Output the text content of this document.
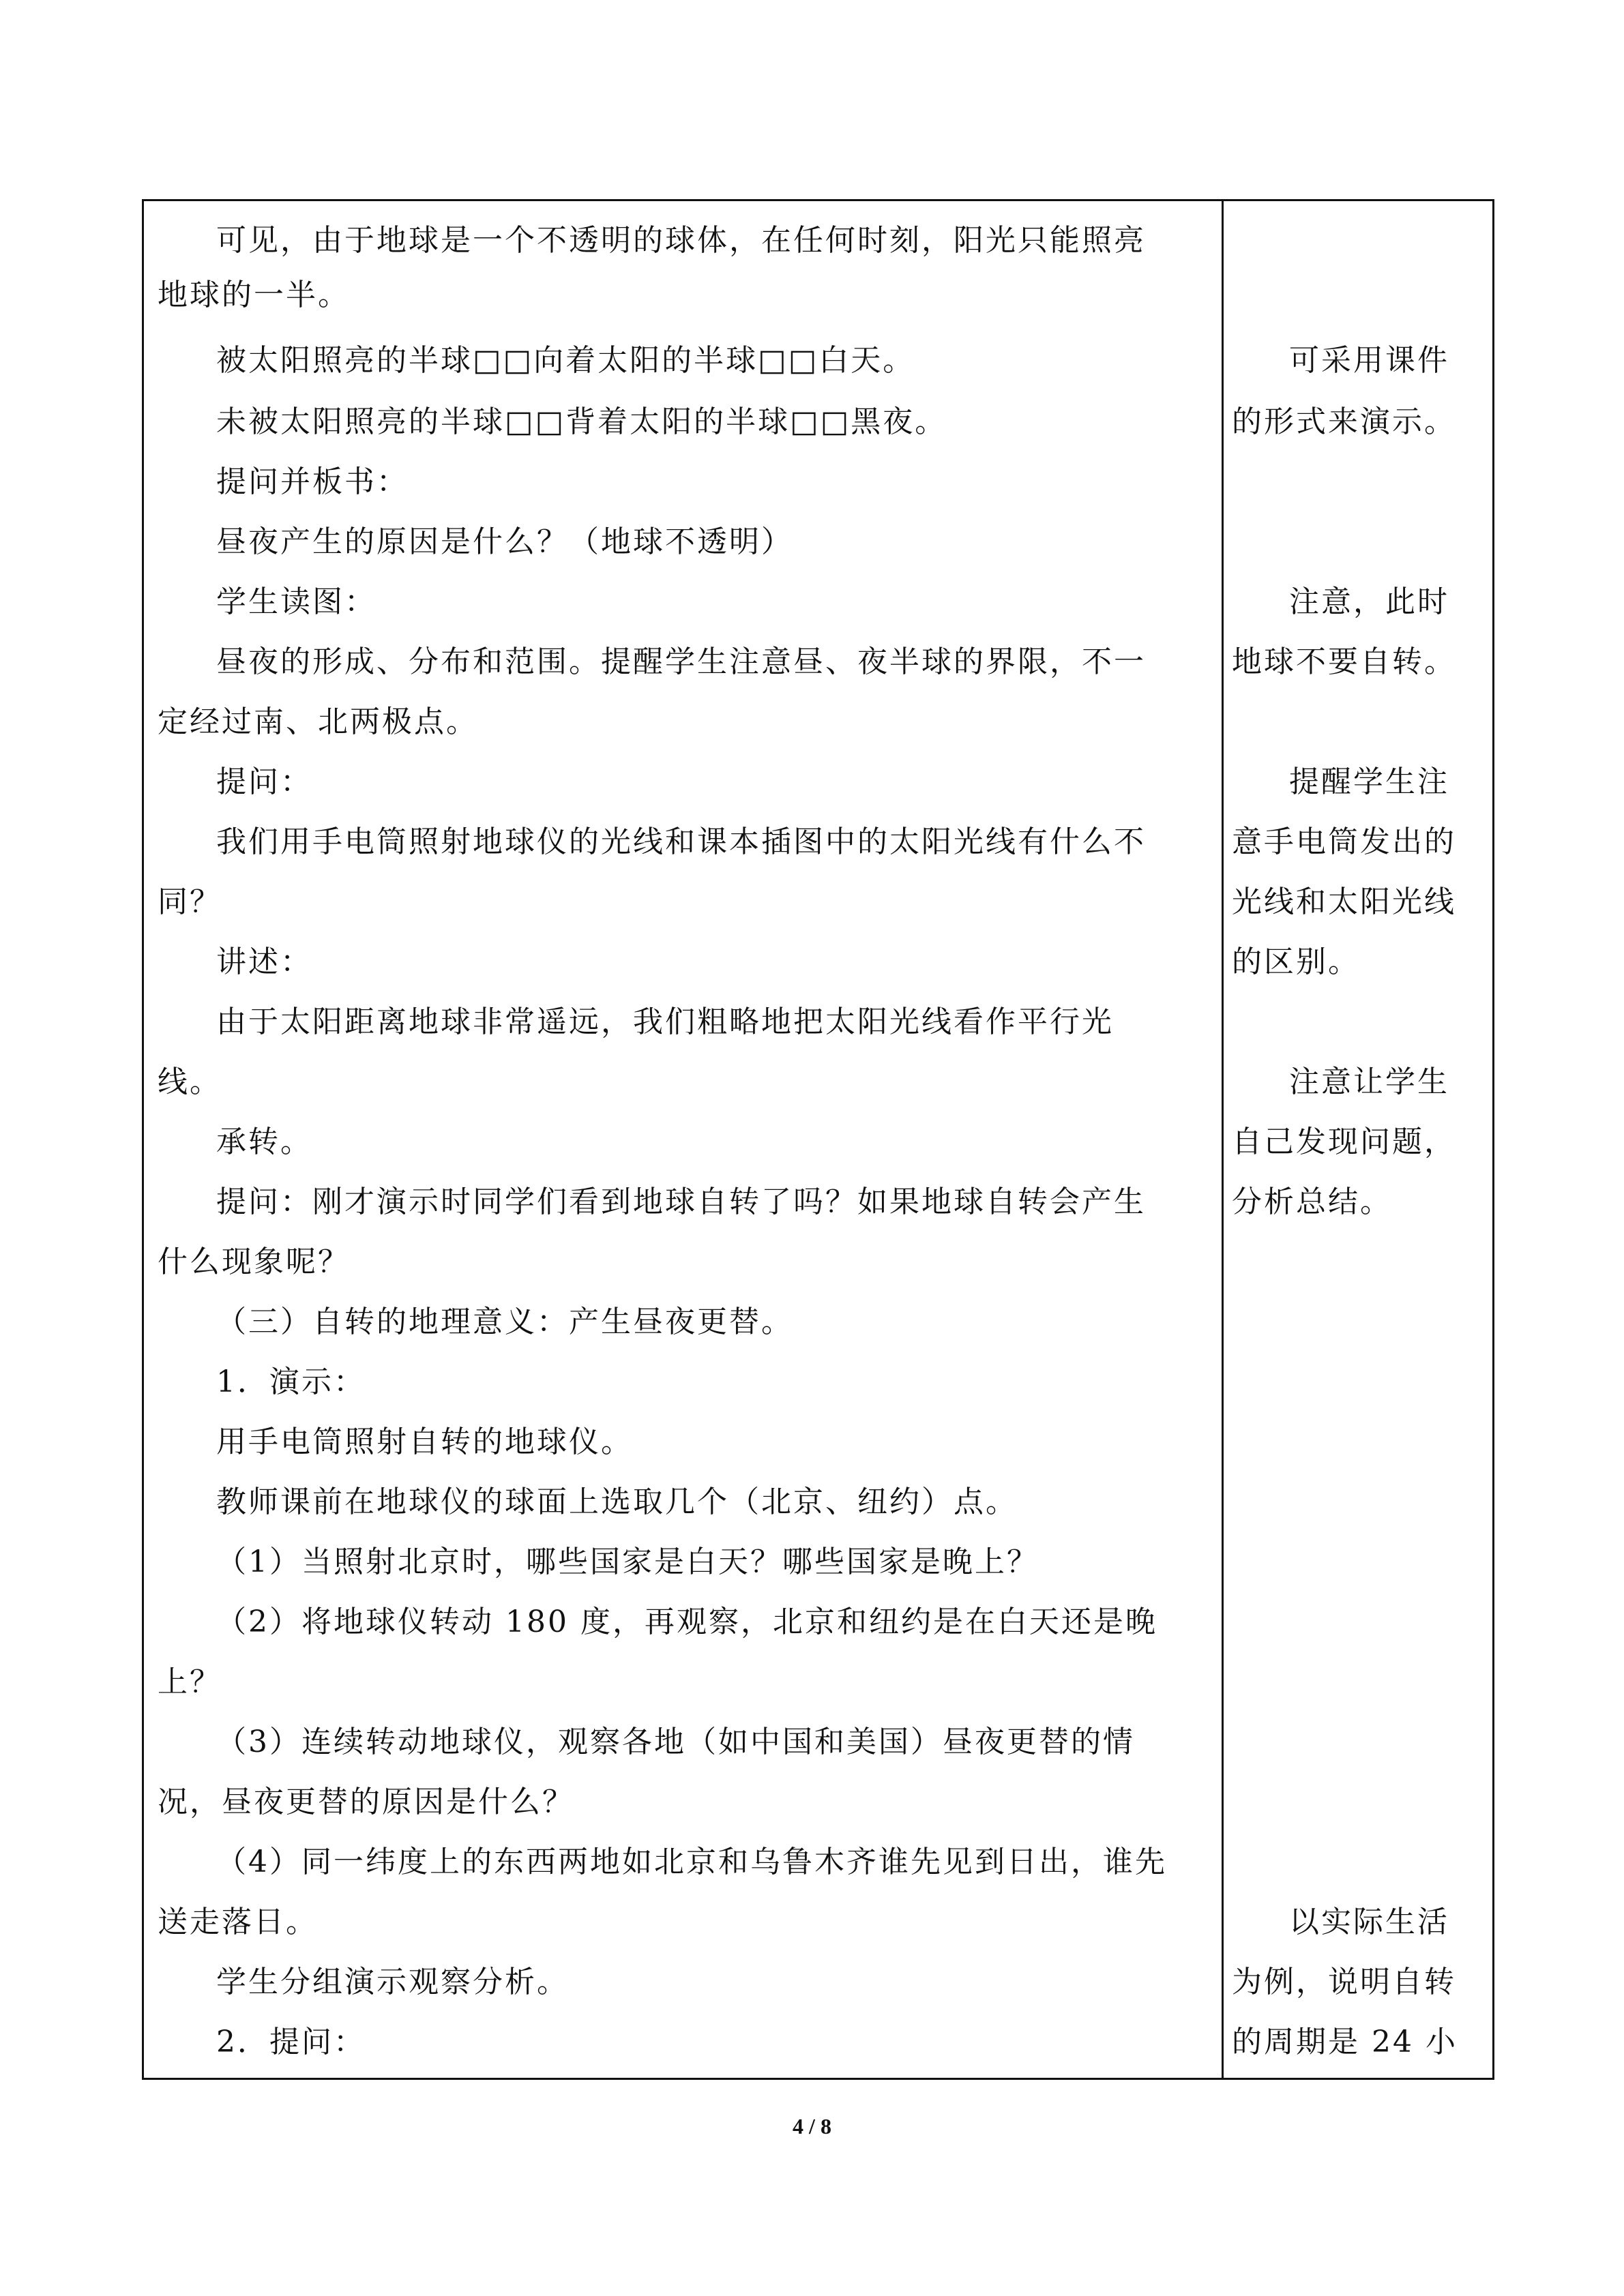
可见，由于地球是一个不透明的球体，在任何时刻，阳光只能照亮
地球的一半。
被太阳照亮的半球□□向着太阳的半球□□白天。
未被太阳照亮的半球□□背着太阳的半球□□黑夜。
提问并板书：
昼夜产生的原因是什么？（地球不透明）
学生读图：
昼夜的形成、分布和范围。提醒学生注意昼、夜半球的界限，不一
定经过南、北两极点。
提问：
我们用手电筒照射地球仪的光线和课本插图中的太阳光线有什么不
同？
讲述：
由于太阳距离地球非常遥远，我们粗略地把太阳光线看作平行光
线。
承转。
提问：刚才演示时同学们看到地球自转了吗？如果地球自转会产生
什么现象呢？
（三）自转的地理意义：产生昼夜更替。
1．演示：
用手电筒照射自转的地球仪。
教师课前在地球仪的球面上选取几个（北京、纽约）点。
（1）当照射北京时，哪些国家是白天？哪些国家是晚上？
（2）将地球仪转动 180 度，再观察，北京和纽约是在白天还是晚
上？
（3）连续转动地球仪，观察各地（如中国和美国）昼夜更替的情
况，昼夜更替的原因是什么？
（4）同一纬度上的东西两地如北京和乌鲁木齐谁先见到日出，谁先
送走落日。
学生分组演示观察分析。
2．提问：
可采用课件
的形式来演示。
注意，此时
地球不要自转。
提醒学生注
意手电筒发出的
光线和太阳光线
的区别。
注意让学生
自己发现问题，
分析总结。
以实际生活
为例，说明自转
的周期是 24 小
4 / 8
